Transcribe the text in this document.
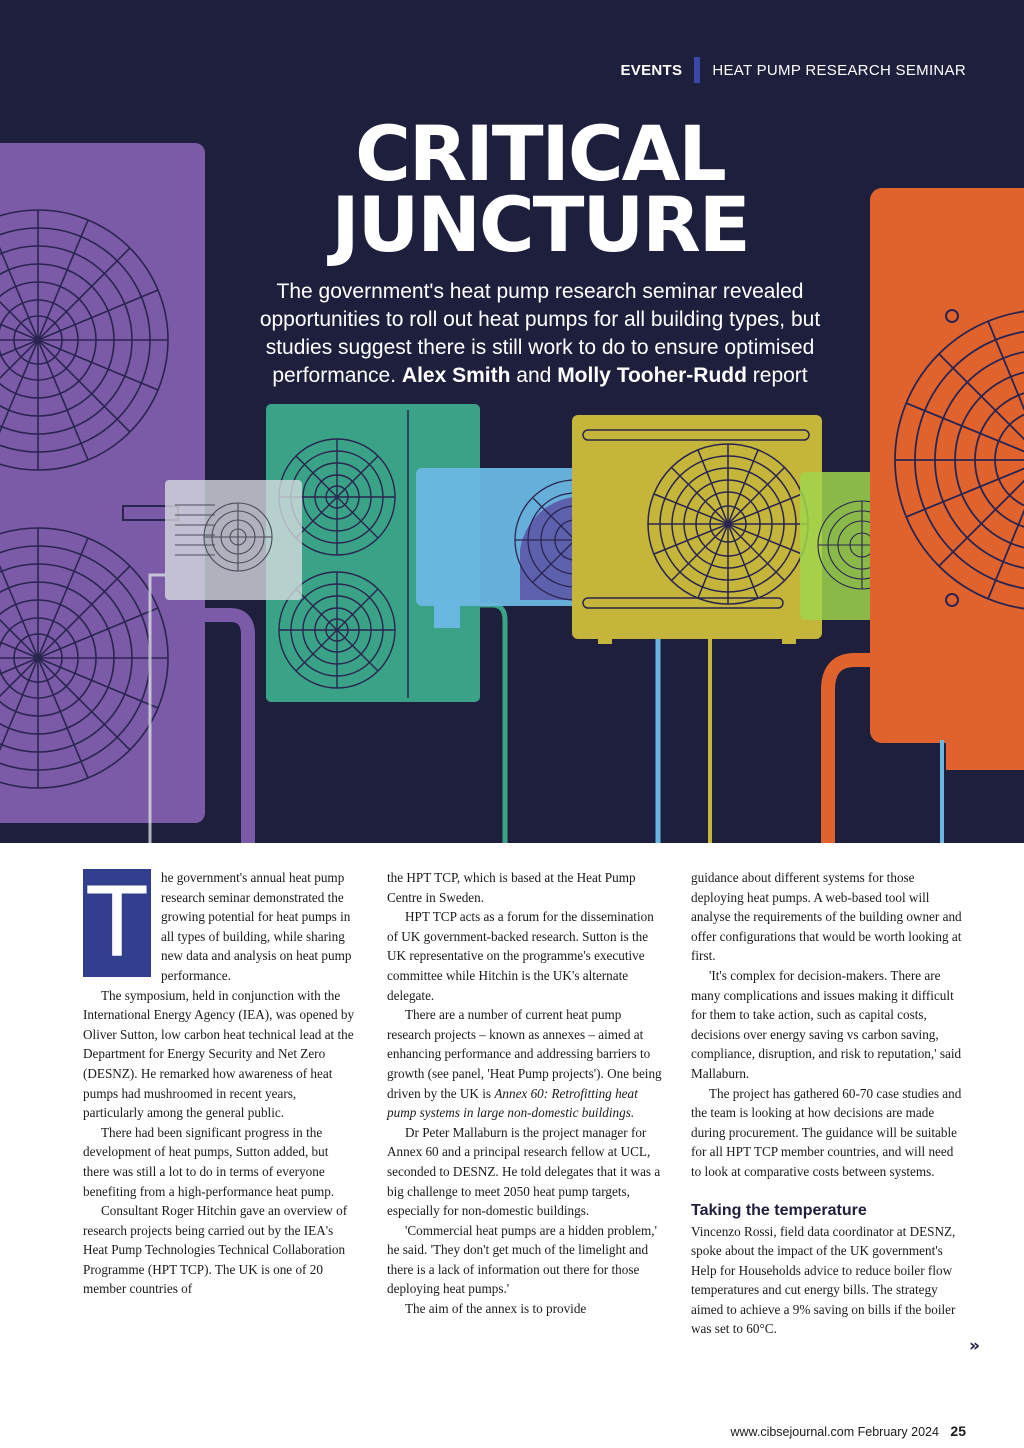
EVENTS HEAT PUMP RESEARCH SEMINAR
CRITICAL
JUNCTURE
The government's heat pump research seminar revealed opportunities to roll out heat pumps for all building types, but studies suggest there is still work to do to ensure optimised performance. Alex Smith and Molly Tooher-Rudd report
T	he government's annual heat pump research seminar demonstrated the growing potential for heat pumps in all types of building, while sharing new data and analysis on heat pump performance.

The symposium, held in conjunction with the International Energy Agency (IEA), was opened by Oliver Sutton, low carbon heat technical lead at the Department for Energy Security and Net Zero (DESNZ). He remarked how awareness of heat pumps had mushroomed in recent years, particularly among the general public.

There had been significant progress in the development of heat pumps, Sutton added, but there was still a lot to do in terms of everyone benefiting from a high-performance heat pump.

Consultant Roger Hitchin gave an overview of research projects being carried out by the IEA's Heat Pump Technologies Technical Collaboration Programme (HPT TCP). The UK is one of 20 member countries of

the HPT TCP, which is based at the Heat Pump Centre in Sweden.

HPT TCP acts as a forum for the dissemination of UK government-backed research. Sutton is the UK representative on the programme's executive committee while Hitchin is the UK's alternate delegate.

There are a number of current heat pump research projects – known as annexes – aimed at enhancing performance and addressing barriers to growth (see panel, 'Heat Pump projects'). One being driven by the UK is Annex 60: Retrofitting heat pump systems in large non-domestic buildings.

Dr Peter Mallaburn is the project manager for Annex 60 and a principal research fellow at UCL, seconded to DESNZ. He told delegates that it was a big challenge to meet 2050 heat pump targets, especially for non-domestic buildings.

'Commercial heat pumps are a hidden problem,' he said. 'They don't get much of the limelight and there is a lack of information out there for those deploying heat pumps.'

The aim of the annex is to provide

guidance about different systems for those deploying heat pumps. A web-based tool will analyse the requirements of the building owner and offer configurations that would be worth looking at first.

'It's complex for decision-makers. There are many complications and issues making it difficult for them to take action, such as capital costs, decisions over energy saving vs carbon saving, compliance, disruption, and risk to reputation,' said Mallaburn.

The project has gathered 60-70 case studies and the team is looking at how decisions are made during procurement. The guidance will be suitable for all HPT TCP member countries, and will need to look at comparative costs between systems.

Taking the temperature

Vincenzo Rossi, field data coordinator at DESNZ, spoke about the impact of the UK government's Help for Households advice to reduce boiler flow temperatures and cut energy bills. The strategy aimed to achieve a 9% saving on bills if the boiler was set to 60°C.

»
www.cibsejournal.com February 2024 25
